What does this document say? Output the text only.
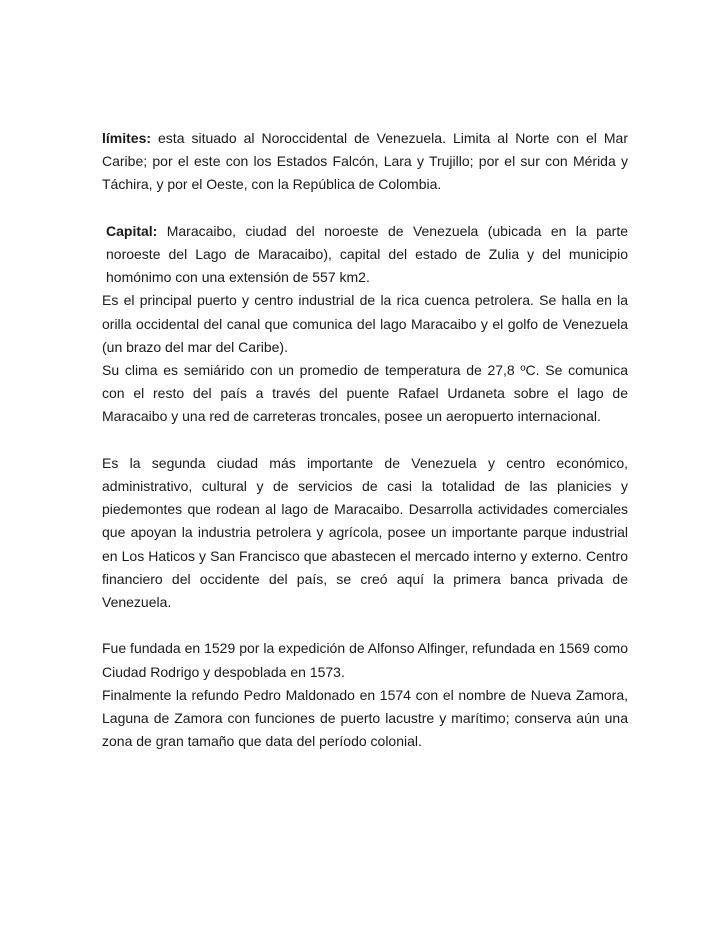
límites: esta situado al Noroccidental de Venezuela. Limita al Norte con el Mar Caribe; por el este con los Estados Falcón, Lara y Trujillo; por el sur con Mérida y Táchira, y por el Oeste, con la República de Colombia.

Capital: Maracaibo, ciudad del noroeste de Venezuela (ubicada en la parte noroeste del Lago de Maracaibo), capital del estado de Zulia y del municipio homónimo con una extensión de 557 km2.

Es el principal puerto y centro industrial de la rica cuenca petrolera. Se halla en la orilla occidental del canal que comunica del lago Maracaibo y el golfo de Venezuela (un brazo del mar del Caribe).

Su clima es semiárido con un promedio de temperatura de 27,8 ºC. Se comunica con el resto del país a través del puente Rafael Urdaneta sobre el lago de Maracaibo y una red de carreteras troncales, posee un aeropuerto internacional.

Es la segunda ciudad más importante de Venezuela y centro económico, administrativo, cultural y de servicios de casi la totalidad de las planicies y piedemontes que rodean al lago de Maracaibo. Desarrolla actividades comerciales que apoyan la industria petrolera y agrícola, posee un importante parque industrial en Los Haticos y San Francisco que abastecen el mercado interno y externo. Centro financiero del occidente del país, se creó aquí la primera banca privada de Venezuela.

Fue fundada en 1529 por la expedición de Alfonso Alfinger, refundada en 1569 como Ciudad Rodrigo y despoblada en 1573.

Finalmente la refundo Pedro Maldonado en 1574 con el nombre de Nueva Zamora, Laguna de Zamora con funciones de puerto lacustre y marítimo; conserva aún una zona de gran tamaño que data del período colonial.
